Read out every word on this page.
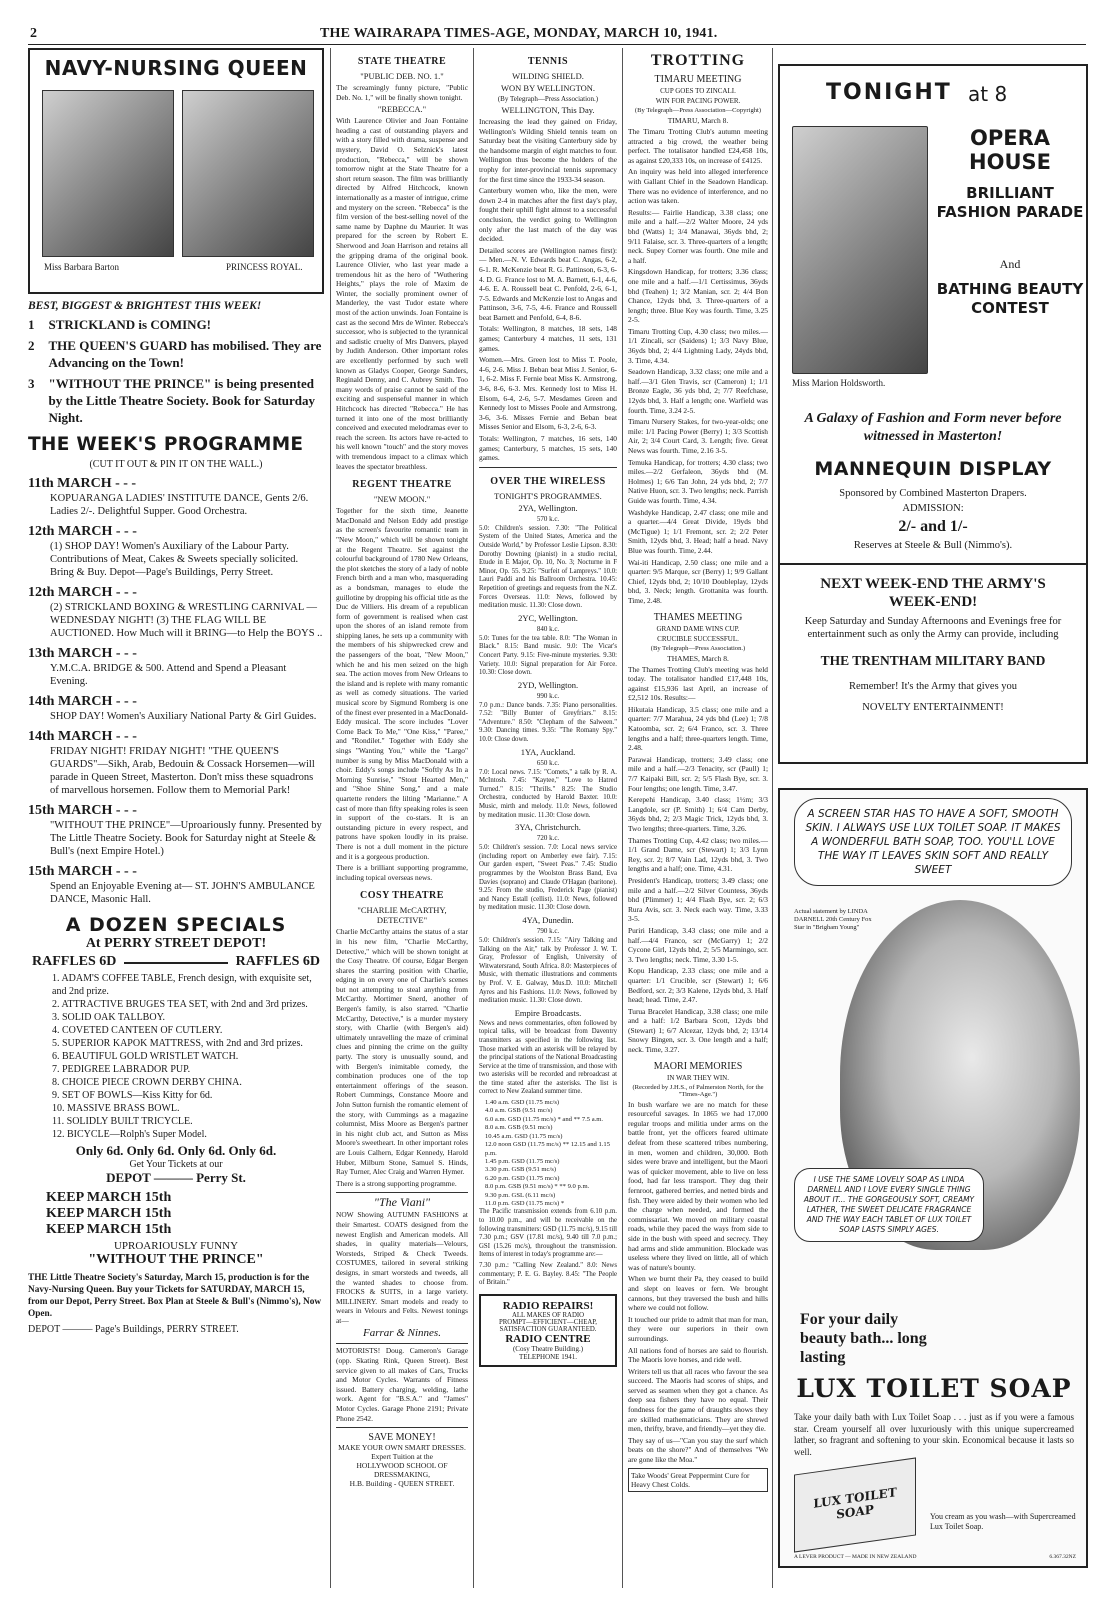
2	THE WAIRARAPA TIMES-AGE, MONDAY, MARCH 10, 1941.
NAVY-NURSING QUEEN
Miss Barbara Barton	PRINCESS ROYAL.
BEST, BIGGEST & BRIGHTEST THIS WEEK!
1 STRICKLAND is COMING!
2 THE QUEEN'S GUARD has mobilised. They are Advancing on the Town!
3 "WITHOUT THE PRINCE" is being presented by the Little Theatre Society. Book for Saturday Night.
THE WEEK'S PROGRAMME
(CUT IT OUT & PIN IT ON THE WALL.)
11th MARCH - - -
KOPUARANGA LADIES' INSTITUTE DANCE, Gents 2/6. Ladies 2/-. Delightful Supper. Good Orchestra.
12th MARCH - - -
(1) SHOP DAY! Women's Auxiliary of the Labour Party. Contributions of Meat, Cakes & Sweets specially solicited. Bring & Buy. Depot—Page's Buildings, Perry Street.
12th MARCH - - -
(2) STRICKLAND BOXING & WRESTLING CARNIVAL — WEDNESDAY NIGHT! (3) THE FLAG WILL BE AUCTIONED. How Much will it BRING—to Help the BOYS ..
13th MARCH - - -
Y.M.C.A. BRIDGE & 500. Attend and Spend a Pleasant Evening.
14th MARCH - - -
SHOP DAY! Women's Auxiliary National Party & Girl Guides.
14th MARCH - - -
FRIDAY NIGHT! FRIDAY NIGHT! "THE QUEEN'S GUARDS"—Sikh, Arab, Bedouin & Cossack Horsemen—will parade in Queen Street, Masterton. Don't miss these squadrons of marvellous horsemen. Follow them to Memorial Park!
15th MARCH - - -
"WITHOUT THE PRINCE"—Uproariously funny. Presented by The Little Theatre Society. Book for Saturday night at Steele & Bull's (next Empire Hotel.)
15th MARCH - - -
Spend an Enjoyable Evening at— ST. JOHN'S AMBULANCE DANCE, Masonic Hall.
A DOZEN SPECIALS
At PERRY STREET DEPOT!
RAFFLES 6D	RAFFLES 6D
1. ADAM'S COFFEE TABLE, French design, with exquisite set, and 2nd prize.
2. ATTRACTIVE BRUGES TEA SET, with 2nd and 3rd prizes.
3. SOLID OAK TALLBOY.
4. COVETED CANTEEN OF CUTLERY.
5. SUPERIOR KAPOK MATTRESS, with 2nd and 3rd prizes.
6. BEAUTIFUL GOLD WRISTLET WATCH.
7. PEDIGREE LABRADOR PUP.
8. CHOICE PIECE CROWN DERBY CHINA.
9. SET OF BOWLS—Kiss Kitty for 6d.
10. MASSIVE BRASS BOWL.
11. SOLIDLY BUILT TRICYCLE.
12. BICYCLE—Rolph's Super Model.
Only 6d. Only 6d. Only 6d. Only 6d.
Get Your Tickets at our
DEPOT ——— Perry St.
KEEP MARCH 15th
KEEP MARCH 15th
KEEP MARCH 15th
UPROARIOUSLY FUNNY
"WITHOUT THE PRINCE"
THE Little Theatre Society's Saturday, March 15, production is for the Navy-Nursing Queen. Buy your Tickets for SATURDAY, MARCH 15, from our Depot, Perry Street. Box Plan at Steele & Bull's (Nimmo's), Now Open.
DEPOT ——— Page's Buildings, PERRY STREET.
STATE THEATRE
"PUBLIC DEB. NO. 1."

The screamingly funny picture, "Public Deb. No. 1," will be finally shown tonight.

"REBECCA."

With Laurence Olivier and Joan Fontaine heading a cast of outstanding players and with a story filled with drama, suspense and mystery, David O. Selznick's latest production, "Rebecca," will be shown tomorrow night at the State Theatre for a short return season. The film was brilliantly directed by Alfred Hitchcock, known internationally as a master of intrigue, crime and mystery on the screen. "Rebecca" is the film version of the best-selling novel of the same name by Daphne du Maurier. It was prepared for the screen by Robert E. Sherwood and Joan Harrison and retains all the gripping drama of the original book. Laurence Olivier, who last year made a tremendous hit as the hero of "Wuthering Heights," plays the role of Maxim de Winter, the socially prominent owner of Manderley, the vast Tudor estate where most of the action unwinds. Joan Fontaine is cast as the second Mrs de Winter. Rebecca's successor, who is subjected to the tyrannical and sadistic cruelty of Mrs Danvers, played by Judith Anderson. Other important roles are excellently performed by such well known as Gladys Cooper, George Sanders, Reginald Denny, and C. Aubrey Smith. Too many words of praise cannot be said of the exciting and suspenseful manner in which Hitchcock has directed "Rebecca." He has turned it into one of the most brilliantly conceived and executed melodramas ever to reach the screen. Its actors have re-acted to his well known "touch" and the story moves with tremendous impact to a climax which leaves the spectator breathless.

REGENT THEATRE
"NEW MOON."

Together for the sixth time, Jeanette MacDonald and Nelson Eddy add prestige as the screen's favourite romantic team in "New Moon," which will be shown tonight at the Regent Theatre. Set against the colourful background of 1780 New Orleans, the plot sketches the story of a lady of noble French birth and a man who, masquerading as a bondsman, manages to elude the guillotine by dropping his official title as the Duc de Villiers. His dream of a republican form of government is realised when cast upon the shores of an island remote from shipping lanes, he sets up a community with the members of his shipwrecked crew and the passengers of the boat, "New Moon," which he and his men seized on the high sea. The action moves from New Orleans to the island and is replete with many romantic as well as comedy situations. The varied musical score by Sigmund Romberg is one of the finest ever presented in a MacDonald-Eddy musical. The score includes "Lover Come Back To Me," "One Kiss," "Paree," and "Rondilet." Together with Eddy she sings "Wanting You," while the "Largo" number is sung by Miss MacDonald with a choir. Eddy's songs include "Softly As In a Morning Sunrise," "Stout Hearted Men," and "Shoe Shine Song," and a male quartette renders the lilting "Marianne." A cast of more than fifty speaking roles is seen in support of the co-stars. It is an outstanding picture in every respect, and patrons have spoken loudly in its praise. There is not a dull moment in the picture and it is a gorgeous production.

There is a brilliant supporting programme, including topical overseas news.

COSY THEATRE
"CHARLIE McCARTHY, DETECTIVE"

Charlie McCarthy attains the status of a star in his new film, "Charlie McCarthy, Detective," which will be shown tonight at the Cosy Theatre. Of course, Edgar Bergen shares the starring position with Charlie, edging in on every one of Charlie's scenes but not attempting to steal anything from McCarthy. Mortimer Snerd, another of Bergen's family, is also starred. "Charlie McCarthy, Detective," is a murder mystery story, with Charlie (with Bergen's aid) ultimately unravelling the maze of criminal clues and pinning the crime on the guilty party. The story is unusually sound, and with Bergen's inimitable comedy, the combination produces one of the top entertainment offerings of the season. Robert Cummings, Constance Moore and John Sutton furnish the romantic element of the story, with Cummings as a magazine columnist, Miss Moore as Bergen's partner in his night club act, and Sutton as Miss Moore's sweetheart. In other important roles are Louis Calhern, Edgar Kennedy, Harold Huber, Milburn Stone, Samuel S. Hinds, Ray Turner, Alec Craig and Warren Hymer.

There is a strong supporting programme.

"The Viani"

NOW Showing AUTUMN FASHIONS at their Smartest. COATS designed from the newest English and American models. All shades, in quality materials—Velours, Worsteds, Striped & Check Tweeds. COSTUMES, tailored in several striking designs, in smart worsteds and tweeds, all the wanted shades to choose from. FROCKS & SUITS, in a large variety. MILLINERY. Smart models and ready to wears in Velours and Felts. Newest tonings at—

Farrar & Ninnes.

MOTORISTS! Doug. Cameron's Garage (opp. Skating Rink, Queen Street). Best service given to all makes of Cars, Trucks and Motor Cycles. Warrants of Fitness issued. Battery charging, welding, lathe work. Agent for "B.S.A." and "James" Motor Cycles. Garage Phone 2191; Private Phone 2542.

SAVE MONEY!
MAKE YOUR OWN SMART DRESSES.
Expert Tuition at the
HOLLYWOOD SCHOOL OF DRESSMAKING,
H.B. Building - QUEEN STREET.
TENNIS
WILDING SHIELD.
WON BY WELLINGTON.
(By Telegraph—Press Association.)
WELLINGTON, This Day.

Increasing the lead they gained on Friday, Wellington's Wilding Shield tennis team on Saturday beat the visiting Canterbury side by the handsome margin of eight matches to four. Wellington thus become the holders of the trophy for inter-provincial tennis supremacy for the first time since the 1933-34 season.

Canterbury women who, like the men, were down 2-4 in matches after the first day's play, fought their uphill fight almost to a successful conclusion, the verdict going to Wellington only after the last match of the day was decided.

Detailed scores are (Wellington names first):— Men.—N. V. Edwards beat C. Angas, 6-2, 6-1. R. McKenzie beat R. G. Pattinson, 6-3, 6-4. D. G. France lost to M. A. Barnett, 6-1, 4-6, 4-6. E. A. Roussell beat C. Penfold, 2-6, 6-1, 7-5. Edwards and McKenzie lost to Angas and Pattinson, 3-6, 7-5, 4-6. France and Roussell beat Barnett and Penfold, 6-4, 8-6.

Totals: Wellington, 8 matches, 18 sets, 148 games; Canterbury 4 matches, 11 sets, 131 games.

Women.—Mrs. Green lost to Miss T. Poole, 4-6, 2-6. Miss J. Beban beat Miss J. Senior, 6-1, 6-2. Miss F. Fernie beat Miss K. Armstrong, 3-6, 8-6, 6-3. Mrs. Kennedy lost to Miss H. Elsom, 6-4, 2-6, 5-7. Mesdames Green and Kennedy lost to Misses Poole and Armstrong, 3-6, 3-6. Misses Fernie and Beban beat Misses Senior and Elsom, 6-3, 2-6, 6-3.

Totals: Wellington, 7 matches, 16 sets, 140 games; Canterbury, 5 matches, 15 sets, 140 games.

OVER THE WIRELESS
TONIGHT'S PROGRAMMES.
2YA, Wellington.
570 k.c.

5.0: Children's session. 7.30: "The Political System of the United States, America and the Outside World," by Professor Leslie Lipson. 8.30: Dorothy Downing (pianist) in a studio recital, Etude in E Major, Op. 10, No. 3; Nocturne in F Minor, Op. 55. 9.25: "Surfeit of Lampreys." 10.0: Lauri Paddi and his Ballroom Orchestra. 10.45: Repetition of greetings and requests from the N.Z. Forces Overseas. 11.0: News, followed by meditation music. 11.30: Close down.

2YC, Wellington.
840 k.c.

5.0: Tunes for the tea table. 8.0: "The Woman in Black." 8.15: Band music. 9.0: The Vicar's Concert Party. 9.15: Five-minute mysteries. 9.30: Variety. 10.0: Signal preparation for Air Force. 10.30: Close down.

2YD, Wellington.
990 k.c.

7.0 p.m.: Dance bands. 7.35: Piano personalities. 7.52: "Billy Bunter of Greyfriars." 8.15: "Adventure." 8.50: "Clepham of the Salween." 9.30: Dancing times. 9.35: "The Romany Spy." 10.0: Close down.

1YA, Auckland.
650 k.c.

7.0: Local news. 7.15: "Comets," a talk by R. A. McIntosh. 7.45: "Kaytee," "Love to Hatred Turned." 8.15: "Thrills." 8.25: The Studio Orchestra, conducted by Harold Baxter. 10.0: Music, mirth and melody. 11.0: News, followed by meditation music. 11.30: Close down.

3YA, Christchurch.
720 k.c.

5.0: Children's session. 7.0: Local news service (including report on Amberley ewe fair). 7.15: Our garden expert, "Sweet Peas." 7.45: Studio programmes by the Woolston Brass Band, Eva Davies (soprano) and Claude O'Hagan (baritone). 9.25: From the studio, Frederick Page (pianist) and Nancy Estall (cellist). 11.0: News, followed by meditation music. 11.30: Close down.

4YA, Dunedin.
790 k.c.

5.0: Children's session. 7.15: "Airy Talking and Talking on the Air," talk by Professor J. W. T. Gray, Professor of English, University of Witwatersrand, South Africa. 8.0: Masterpieces of Music, with thematic illustrations and comments by Prof. V. E. Galway, Mus.D. 10.0: Mitchell Ayres and his Fashions. 11.0: News, followed by meditation music. 11.30: Close down.

Empire Broadcasts.

News and news commentaries, often followed by topical talks, will be broadcast from Daventry transmitters as specified in the following list. Those marked with an asterisk will be relayed by the principal stations of the National Broadcasting Service at the time of transmission, and those with two asterisks will be recorded and rebroadcast at the time stated after the asterisks. The list is correct to New Zealand summer time.

1.40 a.m. GSD (11.75 mc/s)
4.0 a.m. GSB (9.51 mc/s)
6.0 a.m. GSD (11.75 mc/s) * and ** 7.5 a.m.
8.0 a.m. GSB (9.51 mc/s)
10.45 a.m. GSD (11.75 mc/s)
12.0 noon GSD (11.75 mc/s) ** 12.15 and 1.15 p.m.
1.45 p.m. GSD (11.75 mc/s)
3.30 p.m. GSB (9.51 mc/s)
6.20 p.m. GSD (11.75 mc/s)
8.0 p.m. GSB (9.51 mc/s) * ** 9.0 p.m.
9.30 p.m. GSL (6.11 mc/s)
11.0 p.m. GSD (11.75 mc/s) *

The Pacific transmission extends from 6.10 p.m. to 10.00 p.m., and will be receivable on the following transmitters: GSD (11.75 mc/s), 9.15 till 7.30 p.m.; GSV (17.81 mc/s), 9.40 till 7.0 p.m.; GSI (15.26 mc/s), throughout the transmission. Items of interest in today's programme are:—

7.30 p.m.: "Calling New Zealand." 8.0: News commentary; P. E. G. Bayley. 8.45: "The People of Britain."

RADIO REPAIRS!
ALL MAKES OF RADIO
PROMPT—EFFICIENT—CHEAP,
SATISFACTION GUARANTEED.
RADIO CENTRE
(Cosy Theatre Building.)
TELEPHONE 1941.
TROTTING
TIMARU MEETING
CUP GOES TO ZINCALI.
WIN FOR PACING POWER.
(By Telegraph—Press Association—Copyright)
TIMARU, March 8.

The Timaru Trotting Club's autumn meeting attracted a big crowd, the weather being perfect. The totalisator handled £24,458 10s, as against £20,333 10s, on increase of £4125.

An inquiry was held into alleged interference with Gallant Chief in the Seadown Handicap. There was no evidence of interference, and no action was taken.

Results:— Fairlie Handicap, 3.38 class; one mile and a half.—2/2 Walter Moore, 24 yds bhd (Watts) 1; 3/4 Manawai, 36yds bhd, 2; 9/11 Falaise, scr. 3. Three-quarters of a length; neck. Supey Corner was fourth. One mile and a half.

Kingsdown Handicap, for trotters; 3.36 class; one mile and a half.—1/1 Certissimus, 36yds bhd (Teahen) 1; 3/2 Manian, scr. 2; 4/4 Bon Chance, 12yds bhd, 3. Three-quarters of a length; three. Blue Key was fourth. Time, 3.25 2-5.

Timaru Trotting Cup, 4.30 class; two miles.—1/1 Zincali, scr (Saidens) 1; 3/3 Navy Blue, 36yds bhd, 2; 4/4 Lightning Lady, 24yds bhd, 3. Time, 4.34.

Seadown Handicap, 3.32 class; one mile and a half.—3/1 Glen Travis, scr (Cameron) 1; 1/1 Bronze Eagle, 36 yds bhd, 2; 7/7 Reefchase, 12yds bhd, 3. Half a length; one. Warfield was fourth. Time, 3.24 2-5.

Timaru Nursery Stakes, for two-year-olds; one mile: 1/1 Pacing Power (Berry) 1; 3/3 Scottish Air, 2; 3/4 Court Card, 3. Length; five. Great News was fourth. Time, 2.16 3-5.

Temuka Handicap, for trotters; 4.30 class; two miles.—2/2 Gerfaleon, 36yds bhd (M. Holmes) 1; 6/6 Tan John, 24 yds bhd, 2; 7/7 Native Huon, scr. 3. Two lengths; neck. Parrish Guide was fourth. Time, 4.34.

Washdyke Handicap, 2.47 class; one mile and a quarter.—4/4 Great Divide, 19yds bhd (McTigue) 1; 1/1 Fremont, scr. 2; 2/2 Peter Smith, 12yds bhd, 3. Head; half a head. Navy Blue was fourth. Time, 2.44.

Wai-iti Handicap, 2.50 class; one mile and a quarter: 9/5 Marque, scr (Berry) 1; 9/9 Gallant Chief, 12yds bhd, 2; 10/10 Doubleplay, 12yds bhd, 3. Neck; length. Grottanita was fourth. Time, 2.48.

THAMES MEETING
GRAND DAME WINS CUP.
CRUCIBLE SUCCESSFUL.
(By Telegraph—Press Association.)
THAMES, March 8.

The Thames Trotting Club's meeting was held today. The totalisator handled £17,448 10s, against £15,936 last April, an increase of £2,512 10s. Results:—

Hikutaia Handicap, 3.5 class; one mile and a quarter: 7/7 Marahua, 24 yds bhd (Lee) 1; 7/8 Katoomba, scr. 2; 6/4 Franco, scr. 3. Three lengths and a half; three-quarters length. Time, 2.48.

Parawai Handicap, trotters; 3.49 class; one mile and a half.—2/3 Tenacity, scr (Paull) 1; 7/7 Kaipaki Bill, scr. 2; 5/5 Flash Bye, scr. 3. Four lengths; one length. Time, 3.47.

Kerepehi Handicap, 3.40 class; 1½m; 3/3 Langdole, scr (P. Smith) 1; 6/4 Cam Derby, 36yds bhd, 2; 2/3 Magic Trick, 12yds bhd, 3. Two lengths; three-quarters. Time, 3.26.

Thames Trotting Cup, 4.42 class; two miles.—1/1 Grand Dame, scr (Stewart) 1; 3/3 Lynn Rey, scr. 2; 8/7 Vain Lad, 12yds bhd, 3. Two lengths and a half; one. Time, 4.31.

President's Handicap, trotters; 3.49 class; one mile and a half.—2/2 Silver Countess, 36yds bhd (Plimmer) 1; 4/4 Flash Bye, scr. 2; 6/3 Rura Avis, scr. 3. Neck each way. Time, 3.33 3-5.

Puriri Handicap, 3.43 class; one mile and a half.—4/4 Franco, scr (McGarry) 1; 2/2 Cycone Girl, 12yds bhd, 2; 5/5 Marmingo, scr. 3. Two lengths; neck. Time, 3.30 1-5.

Kopu Handicap, 2.33 class; one mile and a quarter: 1/1 Crucible, scr (Stewart) 1; 6/6 Bedford, scr. 2; 3/3 Kalene, 12yds bhd, 3. Half head; head. Time, 2.47.

Turua Bracelet Handicap, 3.38 class; one mile and a half: 1/2 Barbara Scott, 12yds bhd (Stewart) 1; 6/7 Alcezar, 12yds bhd, 2; 13/14 Snowy Bingen, scr. 3. One length and a half; neck. Time, 3.27.

MAORI MEMORIES
IN WAR THEY WIN.
(Recorded by J.H.S., of Palmerston North, for the "Times-Age.")

In bush warfare we are no match for these resourceful savages. In 1865 we had 17,000 regular troops and militia under arms on the battle front, yet the officers feared ultimate defeat from these scattered tribes numbering, in men, women and children, 30,000. Both sides were brave and intelligent, but the Maori was of quicker movement, able to live on less food, had far less transport. They dug their fernroot, gathered berries, and netted birds and fish. They were aided by their women who led the charge when needed, and formed the commissariat. We moved on military coastal roads, while they paced the ways from side to side in the bush with speed and secrecy. They had arms and slide ammunition. Blockade was useless where they lived on little, all of which was of nature's bounty.

When we burnt their Pa, they ceased to build and slept on leaves or fern. We brought cannons, but they traversed the bush and hills where we could not follow.

It touched our pride to admit that man for man, they were our superiors in their own surroundings.

All nations fond of horses are said to flourish. The Maoris love horses, and ride well.

Writers tell us that all races who favour the sea succeed. The Maoris had scores of ships, and served as seamen when they got a chance. As deep sea fishers they have no equal. Their fondness for the game of draughts shows they are skilled mathematicians. They are shrewd men, thrifty, brave, and friendly—yet they die.

They say of us—"Can you stay the surf which beats on the shore?" And of themselves "We are gone like the Moa."

Take Woods' Great Peppermint Cure for Heavy Chest Colds.
TONIGHT at 8
OPERA HOUSE
BRILLIANT FASHION PARADE
And
BATHING BEAUTY CONTEST
Miss Marion Holdsworth.
A Galaxy of Fashion and Form never before witnessed in Masterton!
MANNEQUIN DISPLAY
Sponsored by Combined Masterton Drapers.
ADMISSION:
2/- and 1/-
Reserves at Steele & Bull (Nimmo's).
NEXT WEEK-END THE ARMY'S WEEK-END!
Keep Saturday and Sunday Afternoons and Evenings free for entertainment such as only the Army can provide, including
THE TRENTHAM MILITARY BAND
Remember! It's the Army that gives you
NOVELTY ENTERTAINMENT!
A SCREEN STAR HAS TO HAVE A SOFT, SMOOTH SKIN. I ALWAYS USE LUX TOILET SOAP. IT MAKES A WONDERFUL BATH SOAP, TOO. YOU'LL LOVE THE WAY IT LEAVES SKIN SOFT AND REALLY SWEET
Actual statement by LINDA DARNELL 20th Century Fox Star in "Brigham Young"
I USE THE SAME LOVELY SOAP AS LINDA DARNELL AND I LOVE EVERY SINGLE THING ABOUT IT... THE GORGEOUSLY SOFT, CREAMY LATHER, THE SWEET DELICATE FRAGRANCE AND THE WAY EACH TABLET OF LUX TOILET SOAP LASTS SIMPLY AGES.
For your daily beauty bath... long lasting
LUX TOILET SOAP
Take your daily bath with Lux Toilet Soap . . . just as if you were a famous star. Cream yourself all over luxuriously with this unique supercreamed lather, so fragrant and softening to your skin. Economical because it lasts so well.
LUX TOILET SOAP	You cream as you wash—with Supercreamed Lux Toilet Soap.
A LEVER PRODUCT — MADE IN NEW ZEALAND	6.367.32NZ
